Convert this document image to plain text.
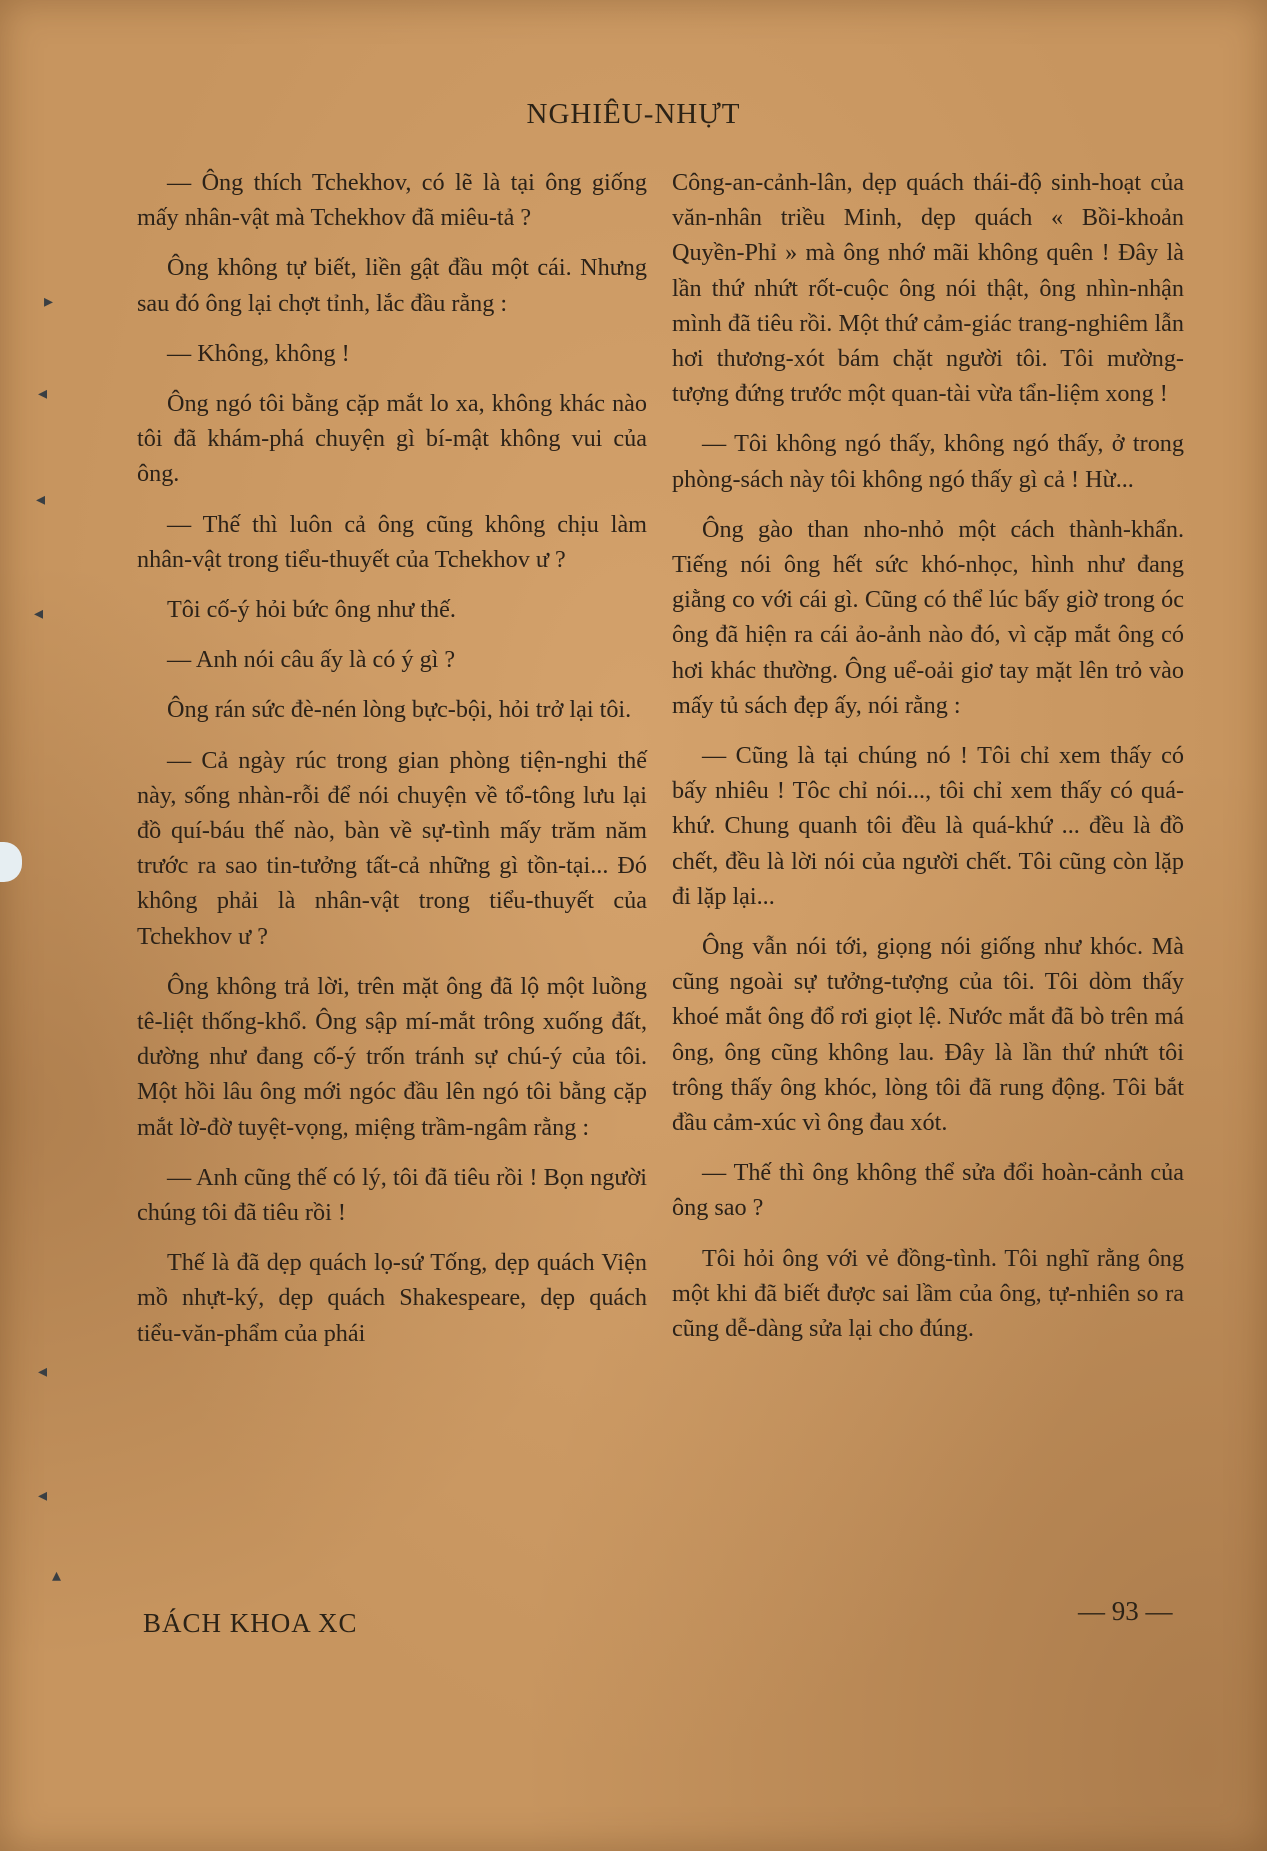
▸
◂
◂
◂
◂
◂
▴
NGHIÊU-NHỰT

— Ông thích Tchekhov, có lẽ là tại ông giống mấy nhân-vật mà Tchekhov đã miêu-tả ?

Ông không tự biết, liền gật đầu một cái. Nhưng sau đó ông lại chợt tỉnh, lắc đầu rằng :

— Không, không !

Ông ngó tôi bằng cặp mắt lo xa, không khác nào tôi đã khám-phá chuyện gì bí-mật không vui của ông.

— Thế thì luôn cả ông cũng không chịu làm nhân-vật trong tiểu-thuyết của Tchekhov ư ?

Tôi cố-ý hỏi bức ông như thế.

— Anh nói câu ấy là có ý gì ?

Ông rán sức đè-nén lòng bực-bội, hỏi trở lại tôi.

— Cả ngày rúc trong gian phòng tiện-nghi thế này, sống nhàn-rỗi để nói chuyện về tổ-tông lưu lại đồ quí-báu thế nào, bàn về sự-tình mấy trăm năm trước ra sao tin-tưởng tất-cả những gì tồn-tại... Đó không phải là nhân-vật trong tiểu-thuyết của Tchekhov ư ?

Ông không trả lời, trên mặt ông đã lộ một luồng tê-liệt thống-khổ. Ông sập mí-mắt trông xuống đất, dường như đang cố-ý trốn tránh sự chú-ý của tôi. Một hồi lâu ông mới ngóc đầu lên ngó tôi bằng cặp mắt lờ-đờ tuyệt-vọng, miệng trầm-ngâm rằng :

— Anh cũng thế có lý, tôi đã tiêu rồi ! Bọn người chúng tôi đã tiêu rồi !

Thế là đã dẹp quách lọ-sứ Tống, dẹp quách Viện mồ nhựt-ký, dẹp quách Shakespeare, dẹp quách tiểu-văn-phẩm của phái

Công-an-cảnh-lân, dẹp quách thái-độ sinh-hoạt của văn-nhân triều Minh, dẹp quách « Bồi-khoản Quyền-Phỉ » mà ông nhớ mãi không quên ! Đây là lần thứ nhứt rốt-cuộc ông nói thật, ông nhìn-nhận mình đã tiêu rồi. Một thứ cảm-giác trang-nghiêm lẫn hơi thương-xót bám chặt người tôi. Tôi mường-tượng đứng trước một quan-tài vừa tẩn-liệm xong !

— Tôi không ngó thấy, không ngó thấy, ở trong phòng-sách này tôi không ngó thấy gì cả ! Hừ...

Ông gào than nho-nhỏ một cách thành-khẩn. Tiếng nói ông hết sức khó-nhọc, hình như đang giằng co với cái gì. Cũng có thể lúc bấy giờ trong óc ông đã hiện ra cái ảo-ảnh nào đó, vì cặp mắt ông có hơi khác thường. Ông uể-oải giơ tay mặt lên trỏ vào mấy tủ sách đẹp ấy, nói rằng :

— Cũng là tại chúng nó ! Tôi chỉ xem thấy có bấy nhiêu ! Tôc chỉ nói..., tôi chỉ xem thấy có quá-khứ. Chung quanh tôi đều là quá-khứ ... đều là đồ chết, đều là lời nói của người chết. Tôi cũng còn lặp đi lặp lại...

Ông vẫn nói tới, giọng nói giống như khóc. Mà cũng ngoài sự tưởng-tượng của tôi. Tôi dòm thấy khoé mắt ông đổ rơi giọt lệ. Nước mắt đã bò trên má ông, ông cũng không lau. Đây là lần thứ nhứt tôi trông thấy ông khóc, lòng tôi đã rung động. Tôi bắt đầu cảm-xúc vì ông đau xót.

— Thế thì ông không thể sửa đổi hoàn-cảnh của ông sao ?

Tôi hỏi ông với vẻ đồng-tình. Tôi nghĩ rằng ông một khi đã biết được sai lầm của ông, tự-nhiên so ra cũng dễ-dàng sửa lại cho đúng.

BÁCH KHOA XC	— 93 —
